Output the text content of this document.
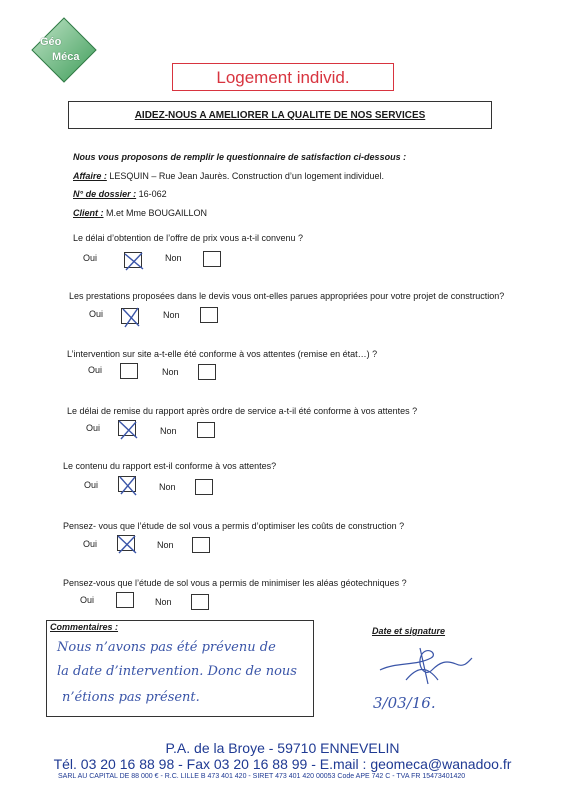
Géo
Méca
Logement individ.
AIDEZ-NOUS A AMELIORER LA QUALITE DE NOS SERVICES
Nous vous proposons de remplir le questionnaire de satisfaction ci-dessous :
Affaire : LESQUIN – Rue Jean Jaurès. Construction d’un logement individuel.
N° de dossier : 16-062
Client : M.et Mme BOUGAILLON
Le délai d’obtention de l’offre de prix vous a-t-il convenu ?
Oui	Non
Les prestations proposées dans le devis vous ont-elles parues appropriées pour votre projet de construction?
Oui	Non
L’intervention sur site a-t-elle été conforme à vos attentes (remise en état…) ?
Oui	Non
Le délai de remise du rapport après ordre de service a-t-il été conforme à vos attentes ?
Oui	Non
Le contenu du rapport est-il conforme à vos attentes?
Oui	Non
Pensez- vous que l’étude de sol vous a permis d’optimiser les coûts de construction ?
Oui	Non
Pensez-vous que l’étude de sol vous a permis de minimiser les aléas géotechniques ?
Oui	Non
Commentaires :
Nous n’avons pas été prévenu de
la date d’intervention. Donc de nous
n’étions pas présent.
Date et signature
3/03/16.
P.A. de la Broye - 59710 ENNEVELIN
Tél. 03 20 16 88 98 - Fax 03 20 16 88 99 - E.mail : geomeca@wanadoo.fr
SARL AU CAPITAL DE 88 000 € - R.C. LILLE B 473 401 420 - SIRET 473 401 420 00053 Code APE 742 C - TVA FR 15473401420
